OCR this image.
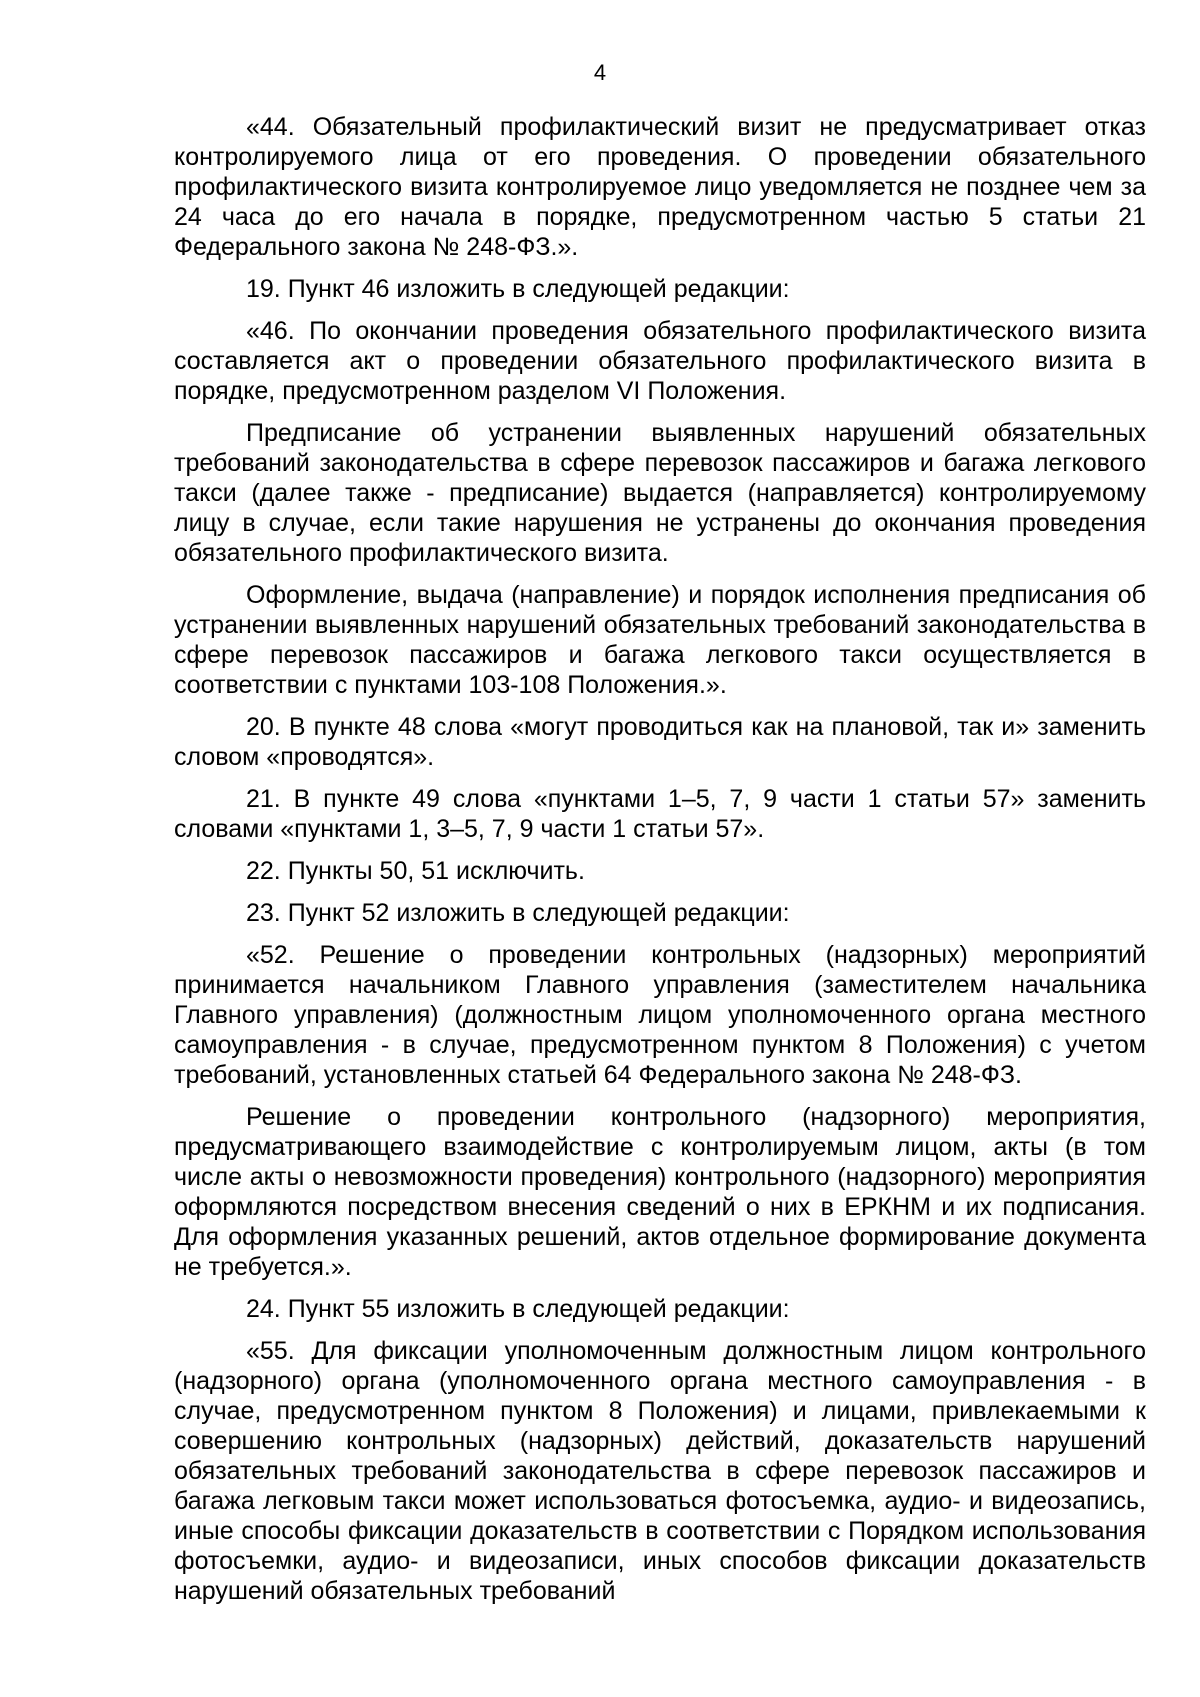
4

«44. Обязательный профилактический визит не предусматривает отказ контролируемого лица от его проведения. О проведении обязательного профилактического визита контролируемое лицо уведомляется не позднее чем за 24 часа до его начала в порядке, предусмотренном частью 5 статьи 21 Федерального закона № 248-ФЗ.».

19. Пункт 46 изложить в следующей редакции:

«46. По окончании проведения обязательного профилактического визита составляется акт о проведении обязательного профилактического визита в порядке, предусмотренном разделом VI Положения.

Предписание об устранении выявленных нарушений обязательных требований законодательства в сфере перевозок пассажиров и багажа легкового такси (далее также - предписание) выдается (направляется) контролируемому лицу в случае, если такие нарушения не устранены до окончания проведения обязательного профилактического визита.

Оформление, выдача (направление) и порядок исполнения предписания об устранении выявленных нарушений обязательных требований законодательства в сфере перевозок пассажиров и багажа легкового такси осуществляется в соответствии с пунктами 103-108 Положения.».

20. В пункте 48 слова «могут проводиться как на плановой, так и» заменить словом «проводятся».

21. В пункте 49 слова «пунктами 1–5, 7, 9 части 1 статьи 57» заменить словами «пунктами 1, 3–5, 7, 9 части 1 статьи 57».

22. Пункты 50, 51 исключить.

23. Пункт 52 изложить в следующей редакции:

«52. Решение о проведении контрольных (надзорных) мероприятий принимается начальником Главного управления (заместителем начальника Главного управления) (должностным лицом уполномоченного органа местного самоуправления - в случае, предусмотренном пунктом 8 Положения) с учетом требований, установленных статьей 64 Федерального закона № 248-ФЗ.

Решение о проведении контрольного (надзорного) мероприятия, предусматривающего взаимодействие с контролируемым лицом, акты (в том числе акты о невозможности проведения) контрольного (надзорного) мероприятия оформляются посредством внесения сведений о них в ЕРКНМ и их подписания. Для оформления указанных решений, актов отдельное формирование документа не требуется.».

24. Пункт 55 изложить в следующей редакции:

«55. Для фиксации уполномоченным должностным лицом контрольного (надзорного) органа (уполномоченного органа местного самоуправления - в случае, предусмотренном пунктом 8 Положения) и лицами, привлекаемыми к совершению контрольных (надзорных) действий, доказательств нарушений обязательных требований законодательства в сфере перевозок пассажиров и багажа легковым такси может использоваться фотосъемка, аудио- и видеозапись, иные способы фиксации доказательств в соответствии с Порядком использования фотосъемки, аудио- и видеозаписи, иных способов фиксации доказательств нарушений обязательных требований
